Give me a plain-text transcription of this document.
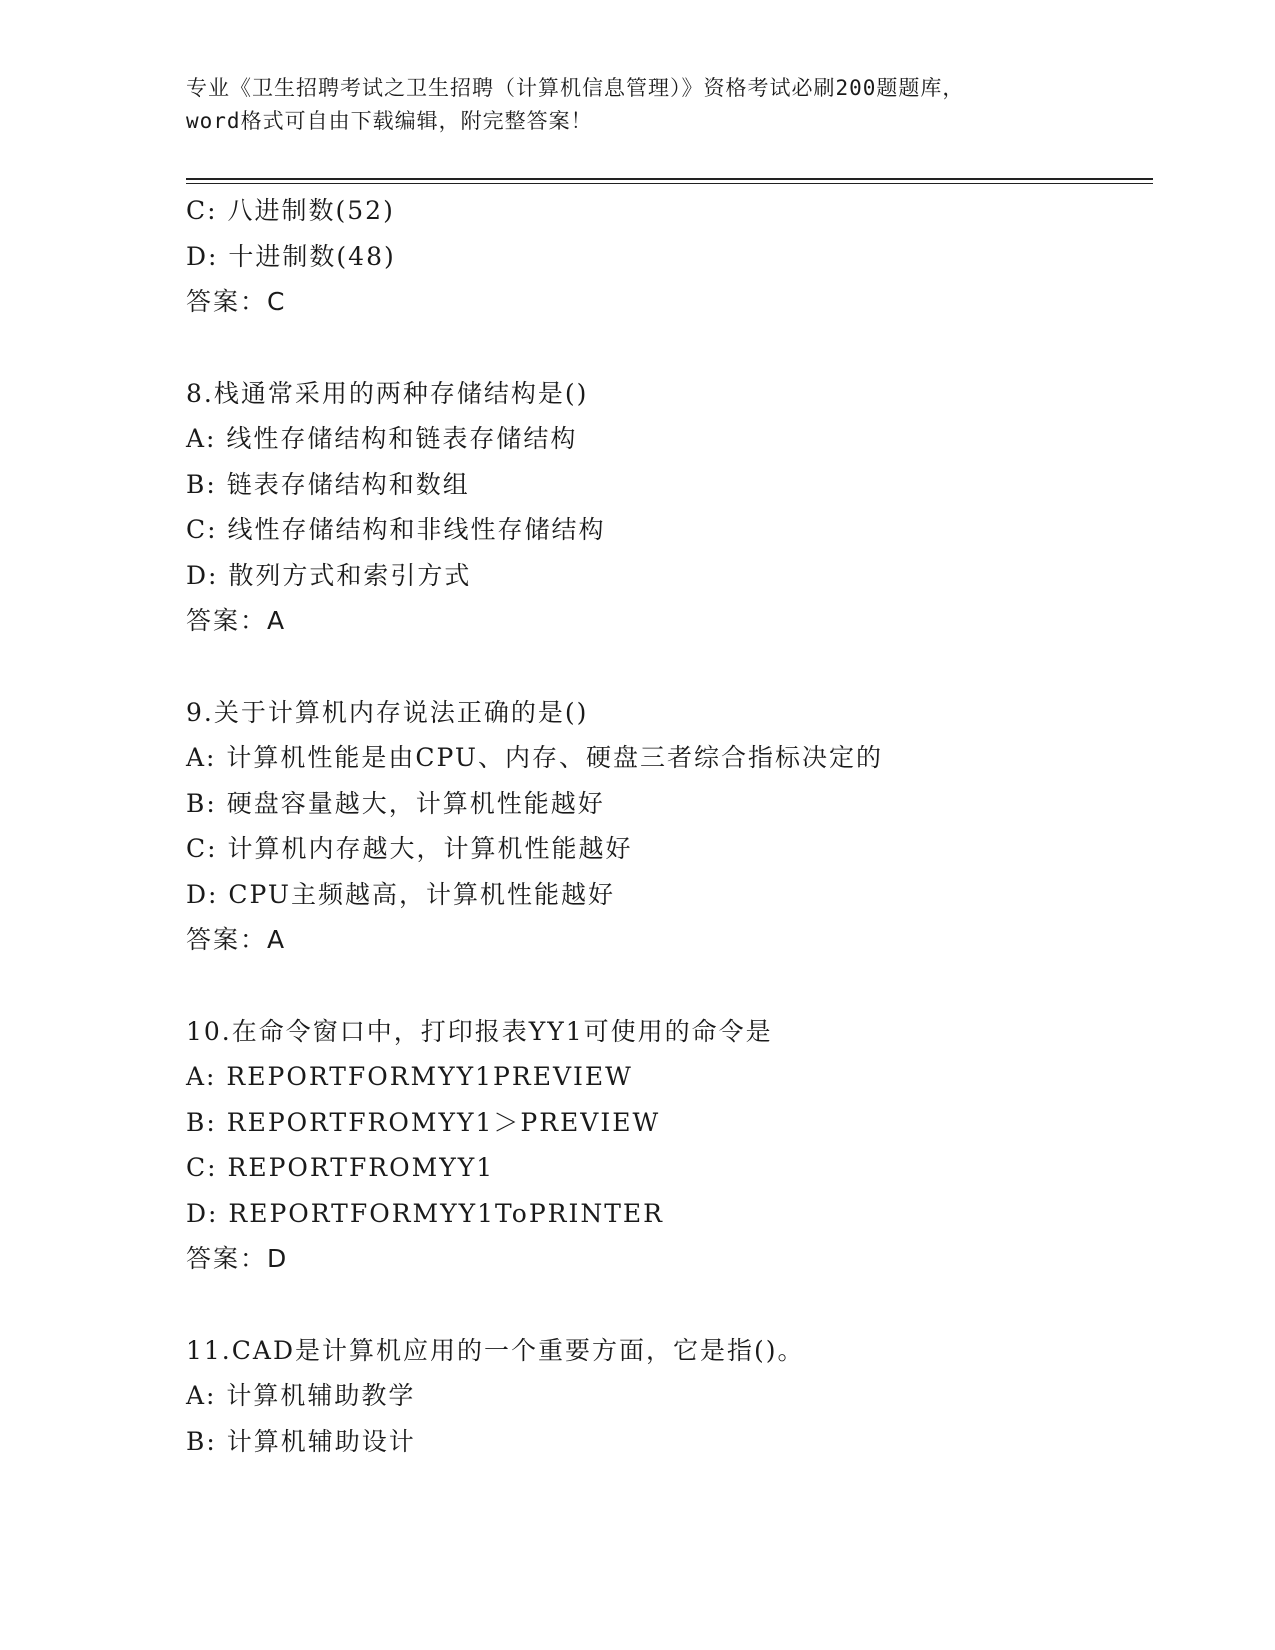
专业《卫生招聘考试之卫生招聘（计算机信息管理）》资格考试必刷200题题库，
word格式可自由下载编辑，附完整答案！
C: 八进制数(52)
D: 十进制数(48)
答案：C
8.栈通常采用的两种存储结构是()
A: 线性存储结构和链表存储结构
B: 链表存储结构和数组
C: 线性存储结构和非线性存储结构
D: 散列方式和索引方式
答案：A
9.关于计算机内存说法正确的是()
A: 计算机性能是由CPU、内存、硬盘三者综合指标决定的
B: 硬盘容量越大，计算机性能越好
C: 计算机内存越大，计算机性能越好
D: CPU主频越高，计算机性能越好
答案：A
10.在命令窗口中，打印报表YY1可使用的命令是
A: REPORTFORMYY1PREVIEW
B: REPORTFROMYY1＞PREVIEW
C: REPORTFROMYY1
D: REPORTFORMYY1ToPRINTER
答案：D
11.CAD是计算机应用的一个重要方面，它是指()。
A: 计算机辅助教学
B: 计算机辅助设计
